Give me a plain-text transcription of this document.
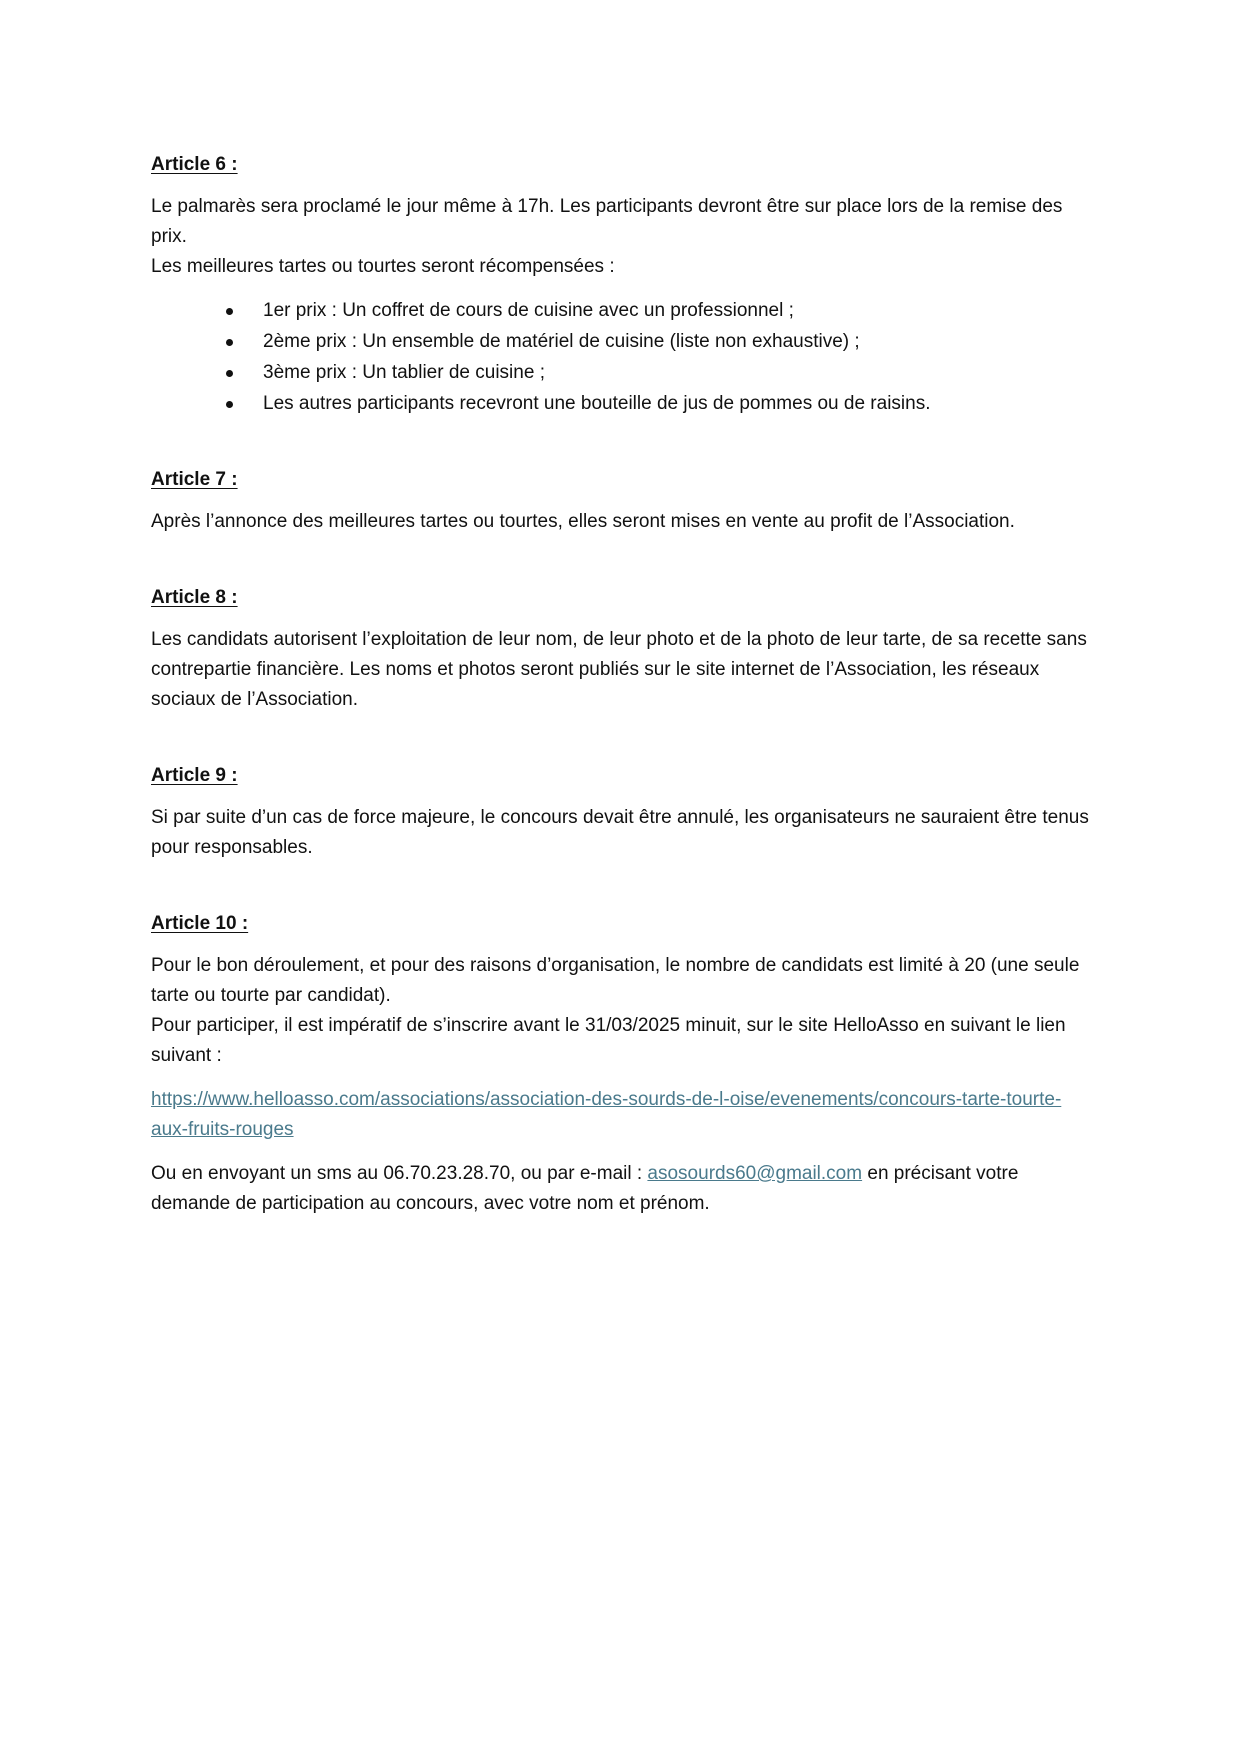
Article 6 :

Le palmarès sera proclamé le jour même à 17h. Les participants devront être sur place lors de la remise des prix.

Les meilleures tartes ou tourtes seront récompensées :

1er prix : Un coffret de cours de cuisine avec un professionnel ;
2ème prix : Un ensemble de matériel de cuisine (liste non exhaustive) ;
3ème prix : Un tablier de cuisine ;
Les autres participants recevront une bouteille de jus de pommes ou de raisins.
Article 7 :
Après l’annonce des meilleures tartes ou tourtes, elles seront mises en vente au profit de l’Association.
Article 8 :
Les candidats autorisent l’exploitation de leur nom, de leur photo et de la photo de leur tarte, de sa recette sans contrepartie financière. Les noms et photos seront publiés sur le site internet de l’Association, les réseaux sociaux de l’Association.
Article 9 :
Si par suite d’un cas de force majeure, le concours devait être annulé, les organisateurs ne sauraient être tenus pour responsables.
Article 10 :

Pour le bon déroulement, et pour des raisons d’organisation, le nombre de candidats est limité à 20 (une seule tarte ou tourte par candidat).

Pour participer, il est impératif de s’inscrire avant le 31/03/2025 minuit, sur le site HelloAsso en suivant le lien suivant :

https://www.helloasso.com/associations/association-des-sourds-de-l-oise/evenements/concours-tarte-tourte-aux-fruits-rouges
Ou en envoyant un sms au 06.70.23.28.70, ou par e-mail : asosourds60@gmail.com en précisant votre demande de participation au concours, avec votre nom et prénom.
